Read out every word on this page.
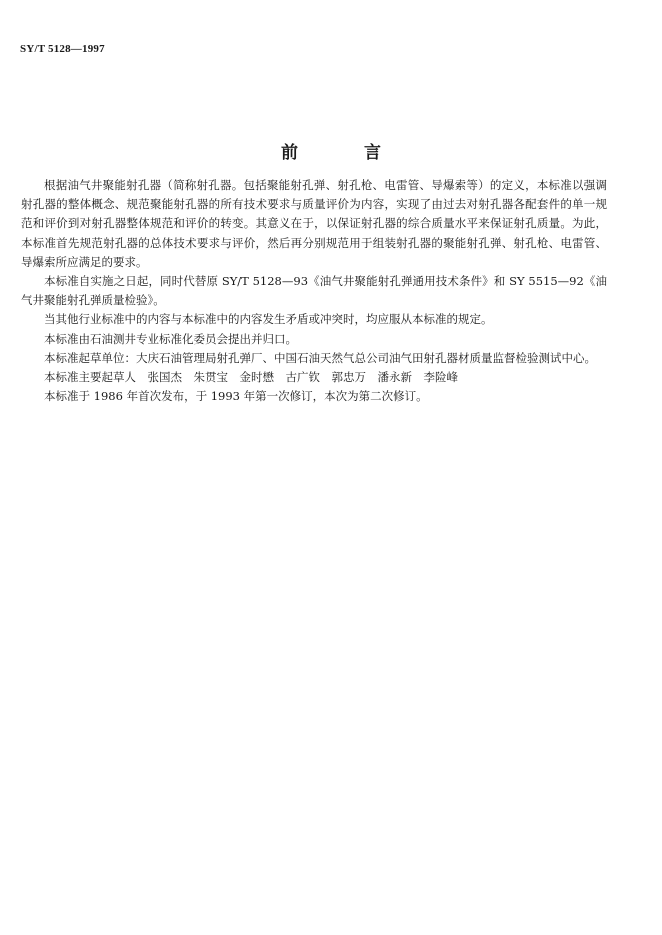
SY/T 5128—1997
前 言

根据油气井聚能射孔器（简称射孔器。包括聚能射孔弹、射孔枪、电雷管、导爆索等）的定义，本标准以强调射孔器的整体概念、规范聚能射孔器的所有技术要求与质量评价为内容，实现了由过去对射孔器各配套件的单一规范和评价到对射孔器整体规范和评价的转变。其意义在于，以保证射孔器的综合质量水平来保证射孔质量。为此，本标准首先规范射孔器的总体技术要求与评价，然后再分别规范用于组装射孔器的聚能射孔弹、射孔枪、电雷管、导爆索所应满足的要求。

本标准自实施之日起，同时代替原 SY/T 5128—93《油气井聚能射孔弹通用技术条件》和 SY 5515—92《油气井聚能射孔弹质量检验》。

当其他行业标准中的内容与本标准中的内容发生矛盾或冲突时，均应服从本标准的规定。

本标准由石油测井专业标准化委员会提出并归口。

本标准起草单位：大庆石油管理局射孔弹厂、中国石油天然气总公司油气田射孔器材质量监督检验测试中心。

本标准主要起草人　张国杰　朱贯宝　金时懋　古广钦　郭忠万　潘永新　李险峰

本标准于 1986 年首次发布，于 1993 年第一次修订，本次为第二次修订。
